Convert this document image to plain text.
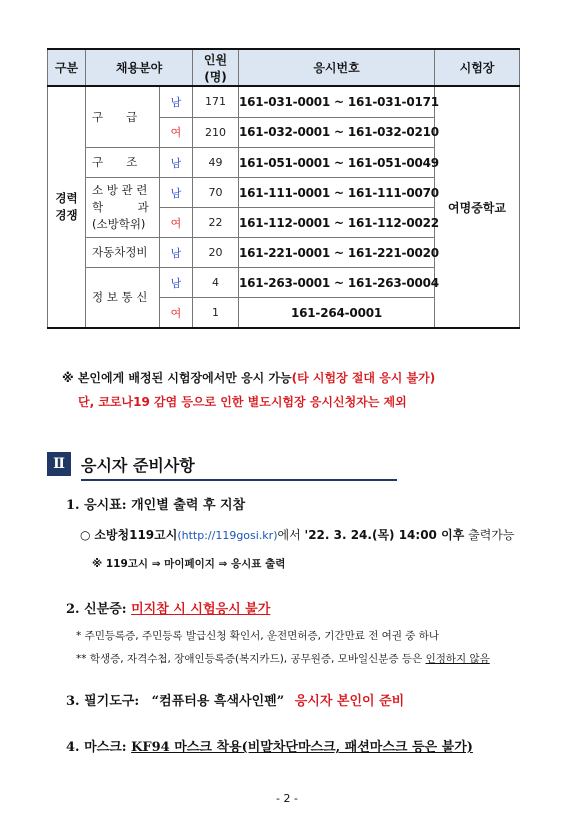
구분	채용분야		인원(명)	응시번호	시험장

경력
경쟁	구　　급	남	171	161-031-0001 ~ 161-031-0171	여명중학교
		여	210	161-032-0001 ~ 161-032-0210	
	구　　조	남	49	161-051-0001 ~ 161-051-0049	

	소 방 관 련
학　　　과
(소방학위)	남	70	161-111-0001 ~ 161-111-0070	
		여	22	161-112-0001 ~ 161-112-0022	
	자동차정비	남	20	161-221-0001 ~ 161-221-0020	
	정 보 통 신	남	4	161-263-0001 ~ 161-263-0004	
		여	1	161-264-0001	
※ 본인에게 배정된 시험장에서만 응시 가능(타 시험장 절대 응시 불가)
단, 코로나19 감염 등으로 인한 별도시험장 응시신청자는 제외
Ⅱ	응시자 준비사항
1. 응시표: 개인별 출력 후 지참
○ 소방청119고시(http://119gosi.kr)에서 '22. 3. 24.(목) 14:00 이후 출력가능
※ 119고시 ⇒ 마이페이지 ⇒ 응시표 출력
2. 신분증: 미지참 시 시험응시 불가
* 주민등록증, 주민등록 발급신청 확인서, 운전면허증, 기간만료 전 여권 중 하나
** 학생증, 자격수첩, 장애인등록증(복지카드), 공무원증, 모바일신분증 등은 인정하지 않음
3. 필기도구: “컴퓨터용 흑색사인펜” 응시자 본인이 준비
4. 마스크: KF94 마스크 착용(비말차단마스크, 패션마스크 등은 불가)
- 2 -
